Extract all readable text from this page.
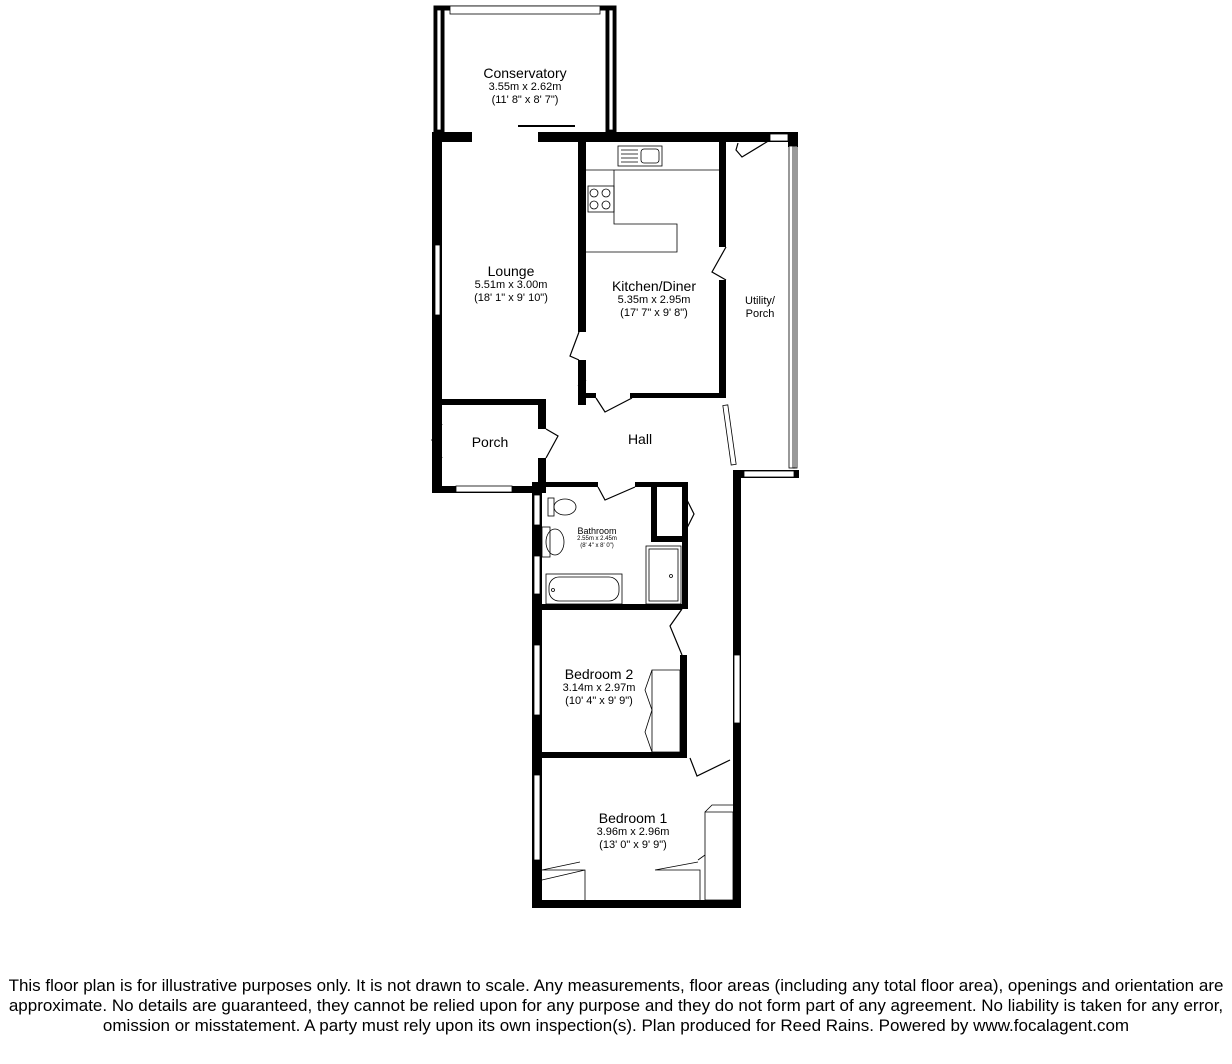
Conservatory
3.55m x 2.62m
(11' 8" x 8' 7")
Lounge
5.51m x 3.00m
(18' 1" x 9' 10")
Kitchen/Diner
5.35m x 2.95m
(17' 7" x 9' 8")
Utility/
Porch
Porch	Hall
Bathroom
2.55m x 2.45m
(8' 4" x 8' 0")
Bedroom 2
3.14m x 2.97m
(10' 4" x 9' 9")
Bedroom 1
3.96m x 2.96m
(13' 0" x 9' 9")
This floor plan is for illustrative purposes only. It is not drawn to scale. Any measurements, floor areas (including any total floor area), openings and orientation are approximate. No details are guaranteed, they cannot be relied upon for any purpose and they do not form part of any agreement. No liability is taken for any error, omission or misstatement. A party must rely upon its own inspection(s). Plan produced for Reed Rains. Powered by www.focalagent.com
